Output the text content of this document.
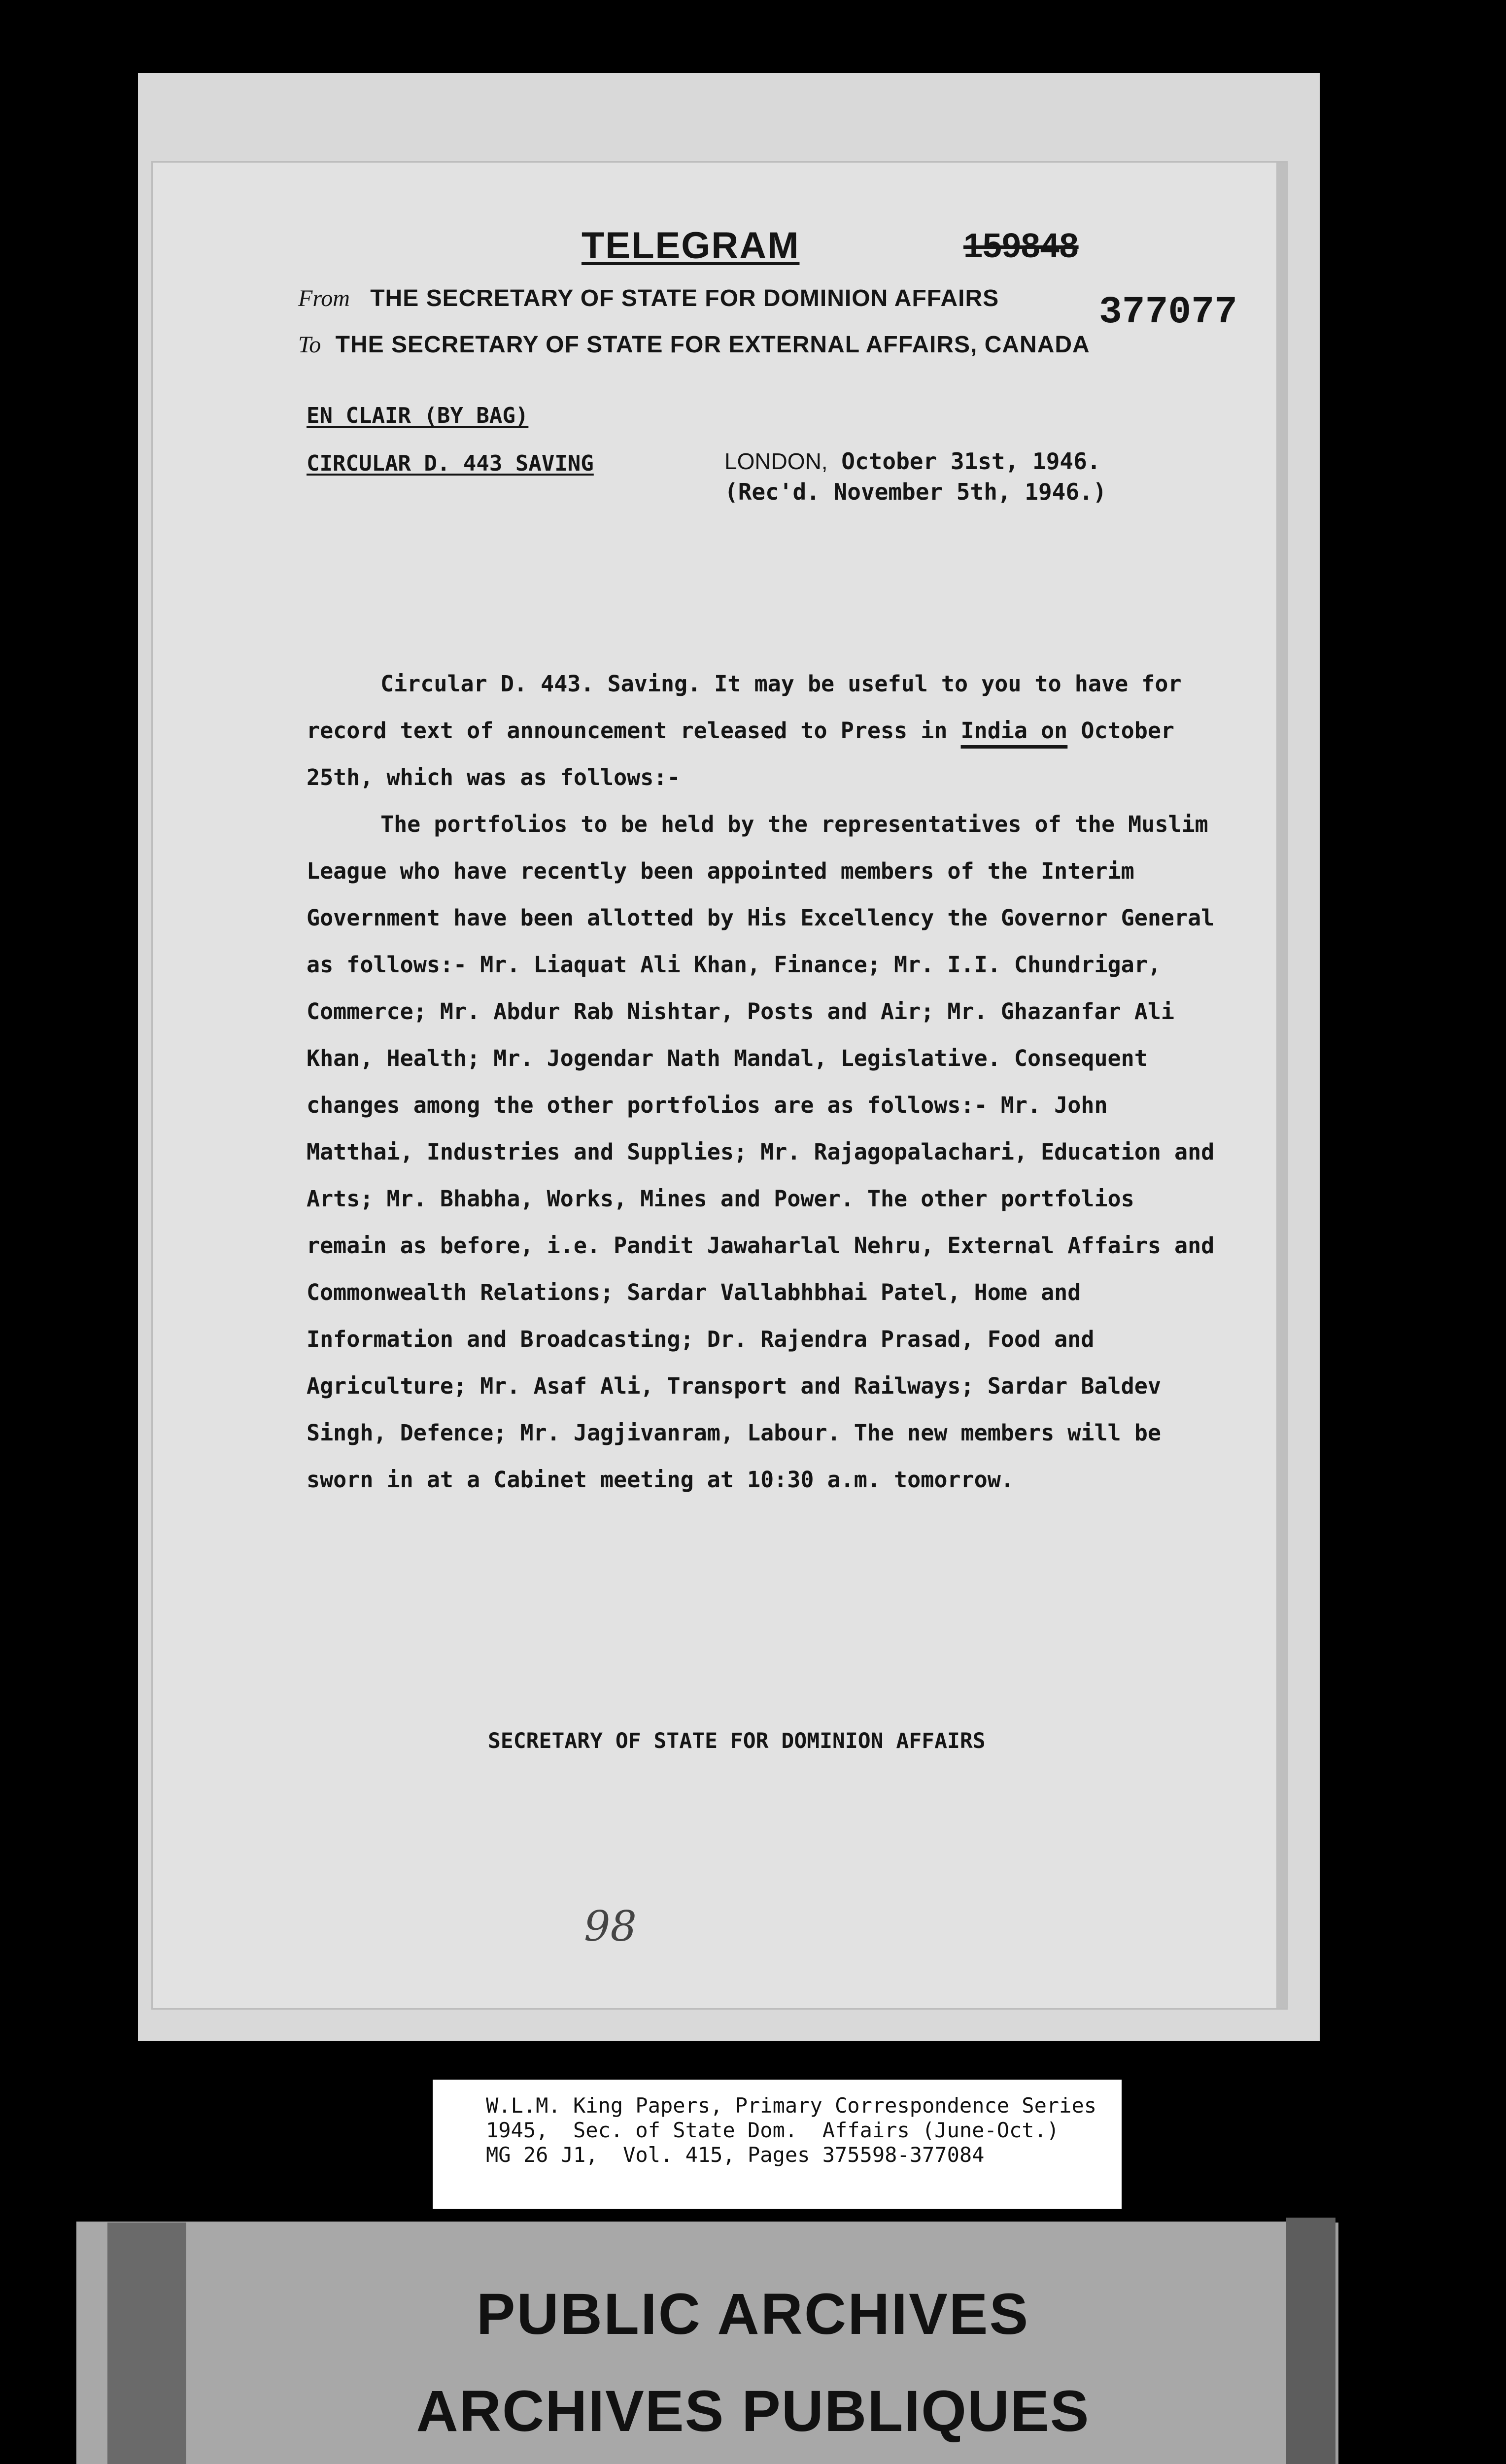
TELEGRAM	159848
377077
From THE SECRETARY OF STATE FOR DOMINION AFFAIRS
To THE SECRETARY OF STATE FOR EXTERNAL AFFAIRS, CANADA
EN CLAIR (BY BAG)
CIRCULAR D. 443 SAVING	LONDON, October 31st, 1946.
(Rec'd. November 5th, 1946.)

Circular D. 443. Saving. It may be useful to you to have for record text of announcement released to Press in India on October 25th, which was as follows:-

The portfolios to be held by the representatives of the Muslim League who have recently been appointed members of the Interim Government have been allotted by His Excellency the Governor General as follows:- Mr. Liaquat Ali Khan, Finance; Mr. I.I. Chundrigar, Commerce; Mr. Abdur Rab Nishtar, Posts and Air; Mr. Ghazanfar Ali Khan, Health; Mr. Jogendar Nath Mandal, Legislative. Consequent changes among the other portfolios are as follows:- Mr. John Matthai, Industries and Supplies; Mr. Rajagopalachari, Education and Arts; Mr. Bhabha, Works, Mines and Power. The other portfolios remain as before, i.e. Pandit Jawaharlal Nehru, External Affairs and Commonwealth Relations; Sardar Vallabhbhai Patel, Home and Information and Broadcasting; Dr. Rajendra Prasad, Food and Agriculture; Mr. Asaf Ali, Transport and Railways; Sardar Baldev Singh, Defence; Mr. Jagjivanram, Labour. The new members will be sworn in at a Cabinet meeting at 10:30 a.m. tomorrow.

SECRETARY OF STATE FOR DOMINION AFFAIRS
98
W.L.M. King Papers, Primary Correspondence Series
1945,  Sec. of State Dom.  Affairs (June-Oct.)
MG 26 J1,  Vol. 415, Pages 375598-377084

PUBLIC ARCHIVES

ARCHIVES PUBLIQUES
